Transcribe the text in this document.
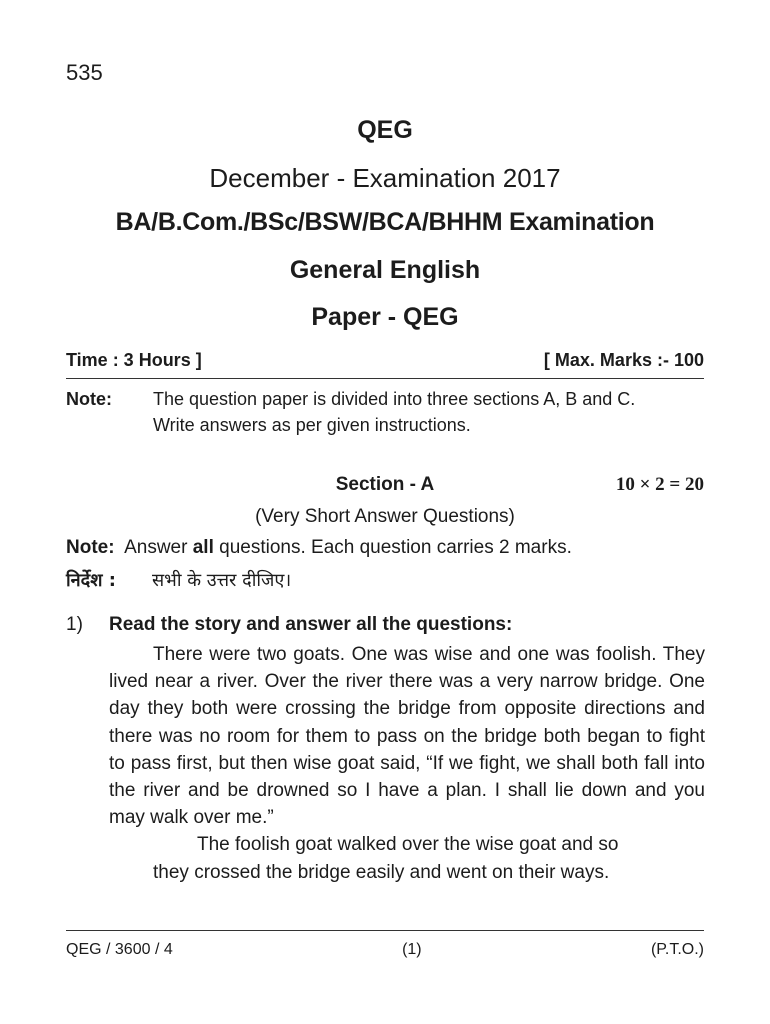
535
QEG
December - Examination 2017
BA/B.Com./BSc/BSW/BCA/BHHM Examination
General English
Paper - QEG
Time : 3 Hours ]	[ Max. Marks :- 100
Note: The question paper is divided into three sections A, B and C.
Write answers as per given instructions.
Section - A	10 × 2 = 20
(Very Short Answer Questions)
Note: Answer all questions. Each question carries 2 marks.
निर्देश :	सभी के उत्तर दीजिए।
1) Read the story and answer all the questions:

There were two goats. One was wise and one was foolish. They lived near a river. Over the river there was a very narrow bridge. One day they both were crossing the bridge from opposite directions and there was no room for them to pass on the bridge both began to fight to pass first, but then wise goat said, “If we fight, we shall both fall into the river and be drowned so I have a plan. I shall lie down and you may walk over me.”

The foolish goat walked over the wise goat and so

they crossed the bridge easily and went on their ways.

QEG / 3600 / 4	(1)	(P.T.O.)
